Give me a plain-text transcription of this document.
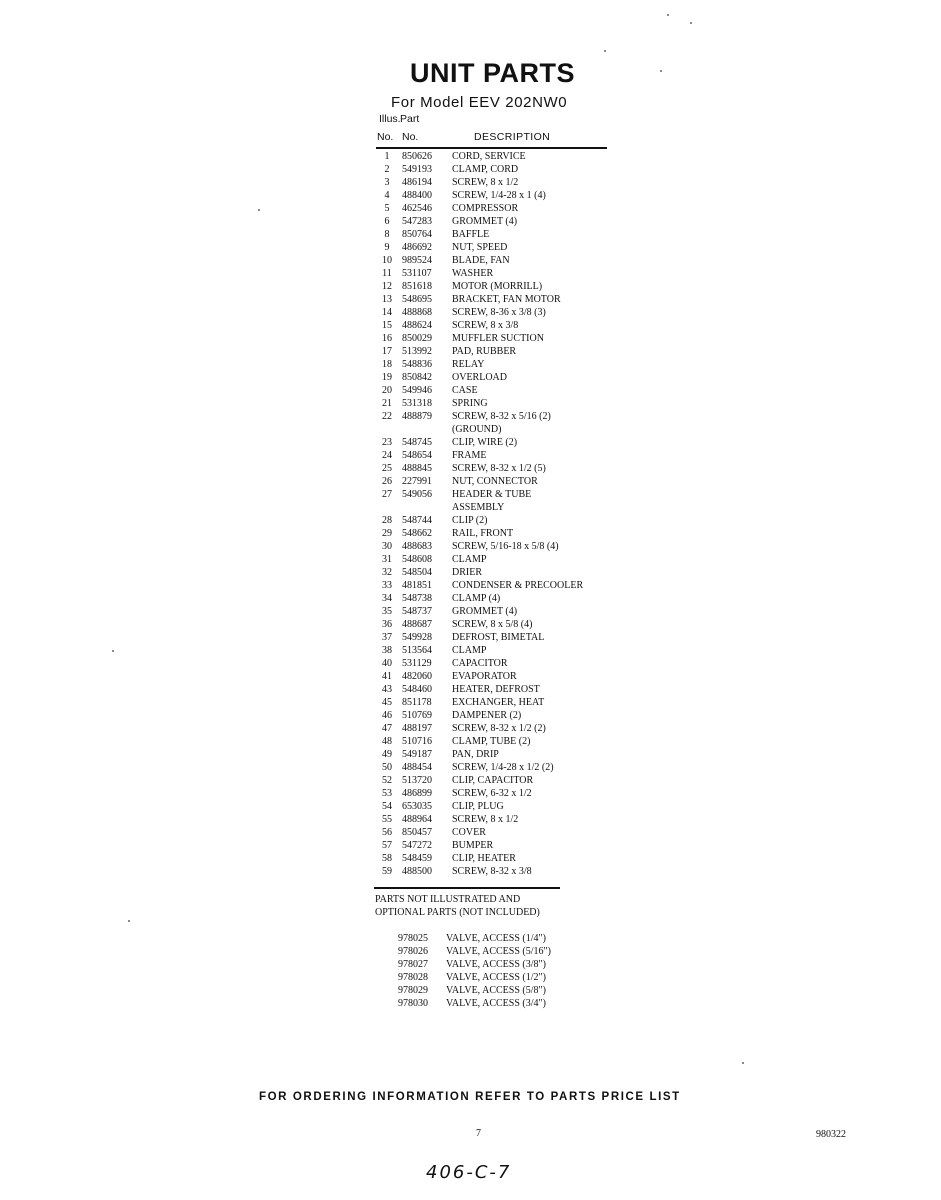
UNIT PARTS
For Model EEV 202NW0
Illus. Part
No. No.	DESCRIPTION
1	850626	CORD, SERVICE
2	549193	CLAMP, CORD
3	486194	SCREW, 8 x 1/2
4	488400	SCREW, 1/4-28 x 1 (4)
5	462546	COMPRESSOR
6	547283	GROMMET (4)
8	850764	BAFFLE
9	486692	NUT, SPEED
10	989524	BLADE, FAN
11	531107	WASHER
12	851618	MOTOR (MORRILL)
13	548695	BRACKET, FAN MOTOR
14	488868	SCREW, 8-36 x 3/8 (3)
15	488624	SCREW, 8 x 3/8
16	850029	MUFFLER SUCTION
17	513992	PAD, RUBBER
18	548836	RELAY
19	850842	OVERLOAD
20	549946	CASE
21	531318	SPRING
22	488879	SCREW, 8-32 x 5/16 (2)
(GROUND)
23	548745	CLIP, WIRE (2)
24	548654	FRAME
25	488845	SCREW, 8-32 x 1/2 (5)
26	227991	NUT, CONNECTOR
27	549056	HEADER & TUBE
ASSEMBLY
28	548744	CLIP (2)
29	548662	RAIL, FRONT
30	488683	SCREW, 5/16-18 x 5/8 (4)
31	548608	CLAMP
32	548504	DRIER
33	481851	CONDENSER & PRECOOLER
34	548738	CLAMP (4)
35	548737	GROMMET (4)
36	488687	SCREW, 8 x 5/8 (4)
37	549928	DEFROST, BIMETAL
38	513564	CLAMP
40	531129	CAPACITOR
41	482060	EVAPORATOR
43	548460	HEATER, DEFROST
45	851178	EXCHANGER, HEAT
46	510769	DAMPENER (2)
47	488197	SCREW, 8-32 x 1/2 (2)
48	510716	CLAMP, TUBE (2)
49	549187	PAN, DRIP
50	488454	SCREW, 1/4-28 x 1/2 (2)
52	513720	CLIP, CAPACITOR
53	486899	SCREW, 6-32 x 1/2
54	653035	CLIP, PLUG
55	488964	SCREW, 8 x 1/2
56	850457	COVER
57	547272	BUMPER
58	548459	CLIP, HEATER
59	488500	SCREW, 8-32 x 3/8
PARTS NOT ILLUSTRATED AND
OPTIONAL PARTS (NOT INCLUDED)
978025	VALVE, ACCESS (1/4")
978026	VALVE, ACCESS (5/16")
978027	VALVE, ACCESS (3/8")
978028	VALVE, ACCESS (1/2")
978029	VALVE, ACCESS (5/8")
978030	VALVE, ACCESS (3/4")
FOR ORDERING INFORMATION REFER TO PARTS PRICE LIST
7	980322
406-C-7
